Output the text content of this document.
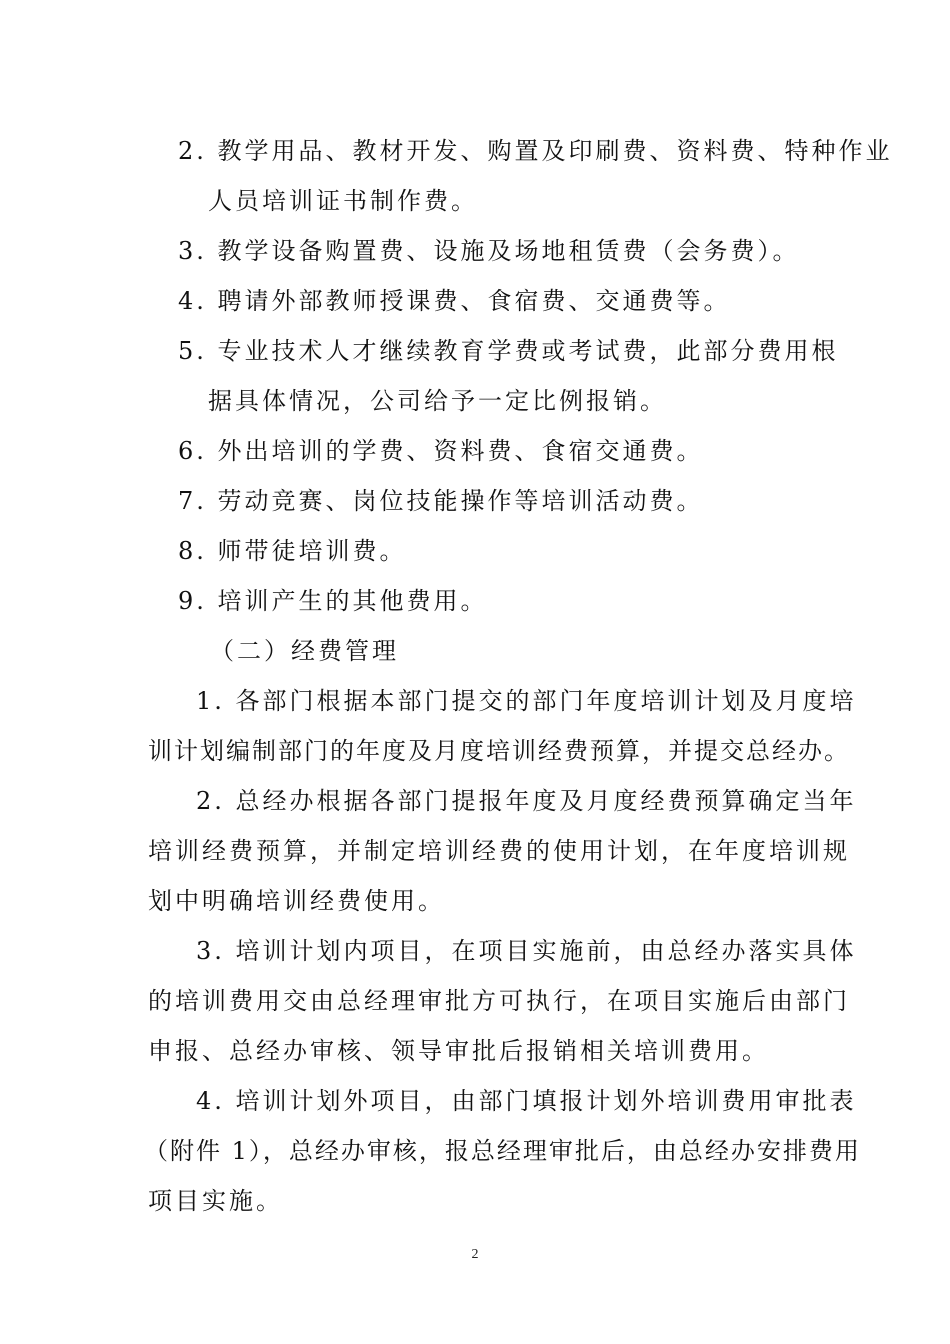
2. 教学用品、教材开发、购置及印刷费、资料费、特种作业
人员培训证书制作费。
3. 教学设备购置费、设施及场地租赁费（会务费）。
4. 聘请外部教师授课费、食宿费、交通费等。
5. 专业技术人才继续教育学费或考试费，此部分费用根
据具体情况，公司给予一定比例报销。
6. 外出培训的学费、资料费、食宿交通费。
7. 劳动竞赛、岗位技能操作等培训活动费。
8. 师带徒培训费。
9. 培训产生的其他费用。
（二）经费管理
1. 各部门根据本部门提交的部门年度培训计划及月度培
训计划编制部门的年度及月度培训经费预算，并提交总经办。
2. 总经办根据各部门提报年度及月度经费预算确定当年
培训经费预算，并制定培训经费的使用计划，在年度培训规
划中明确培训经费使用。
3. 培训计划内项目，在项目实施前，由总经办落实具体
的培训费用交由总经理审批方可执行，在项目实施后由部门
申报、总经办审核、领导审批后报销相关培训费用。
4. 培训计划外项目，由部门填报计划外培训费用审批表
（附件 1），总经办审核，报总经理审批后，由总经办安排费用
项目实施。
2
